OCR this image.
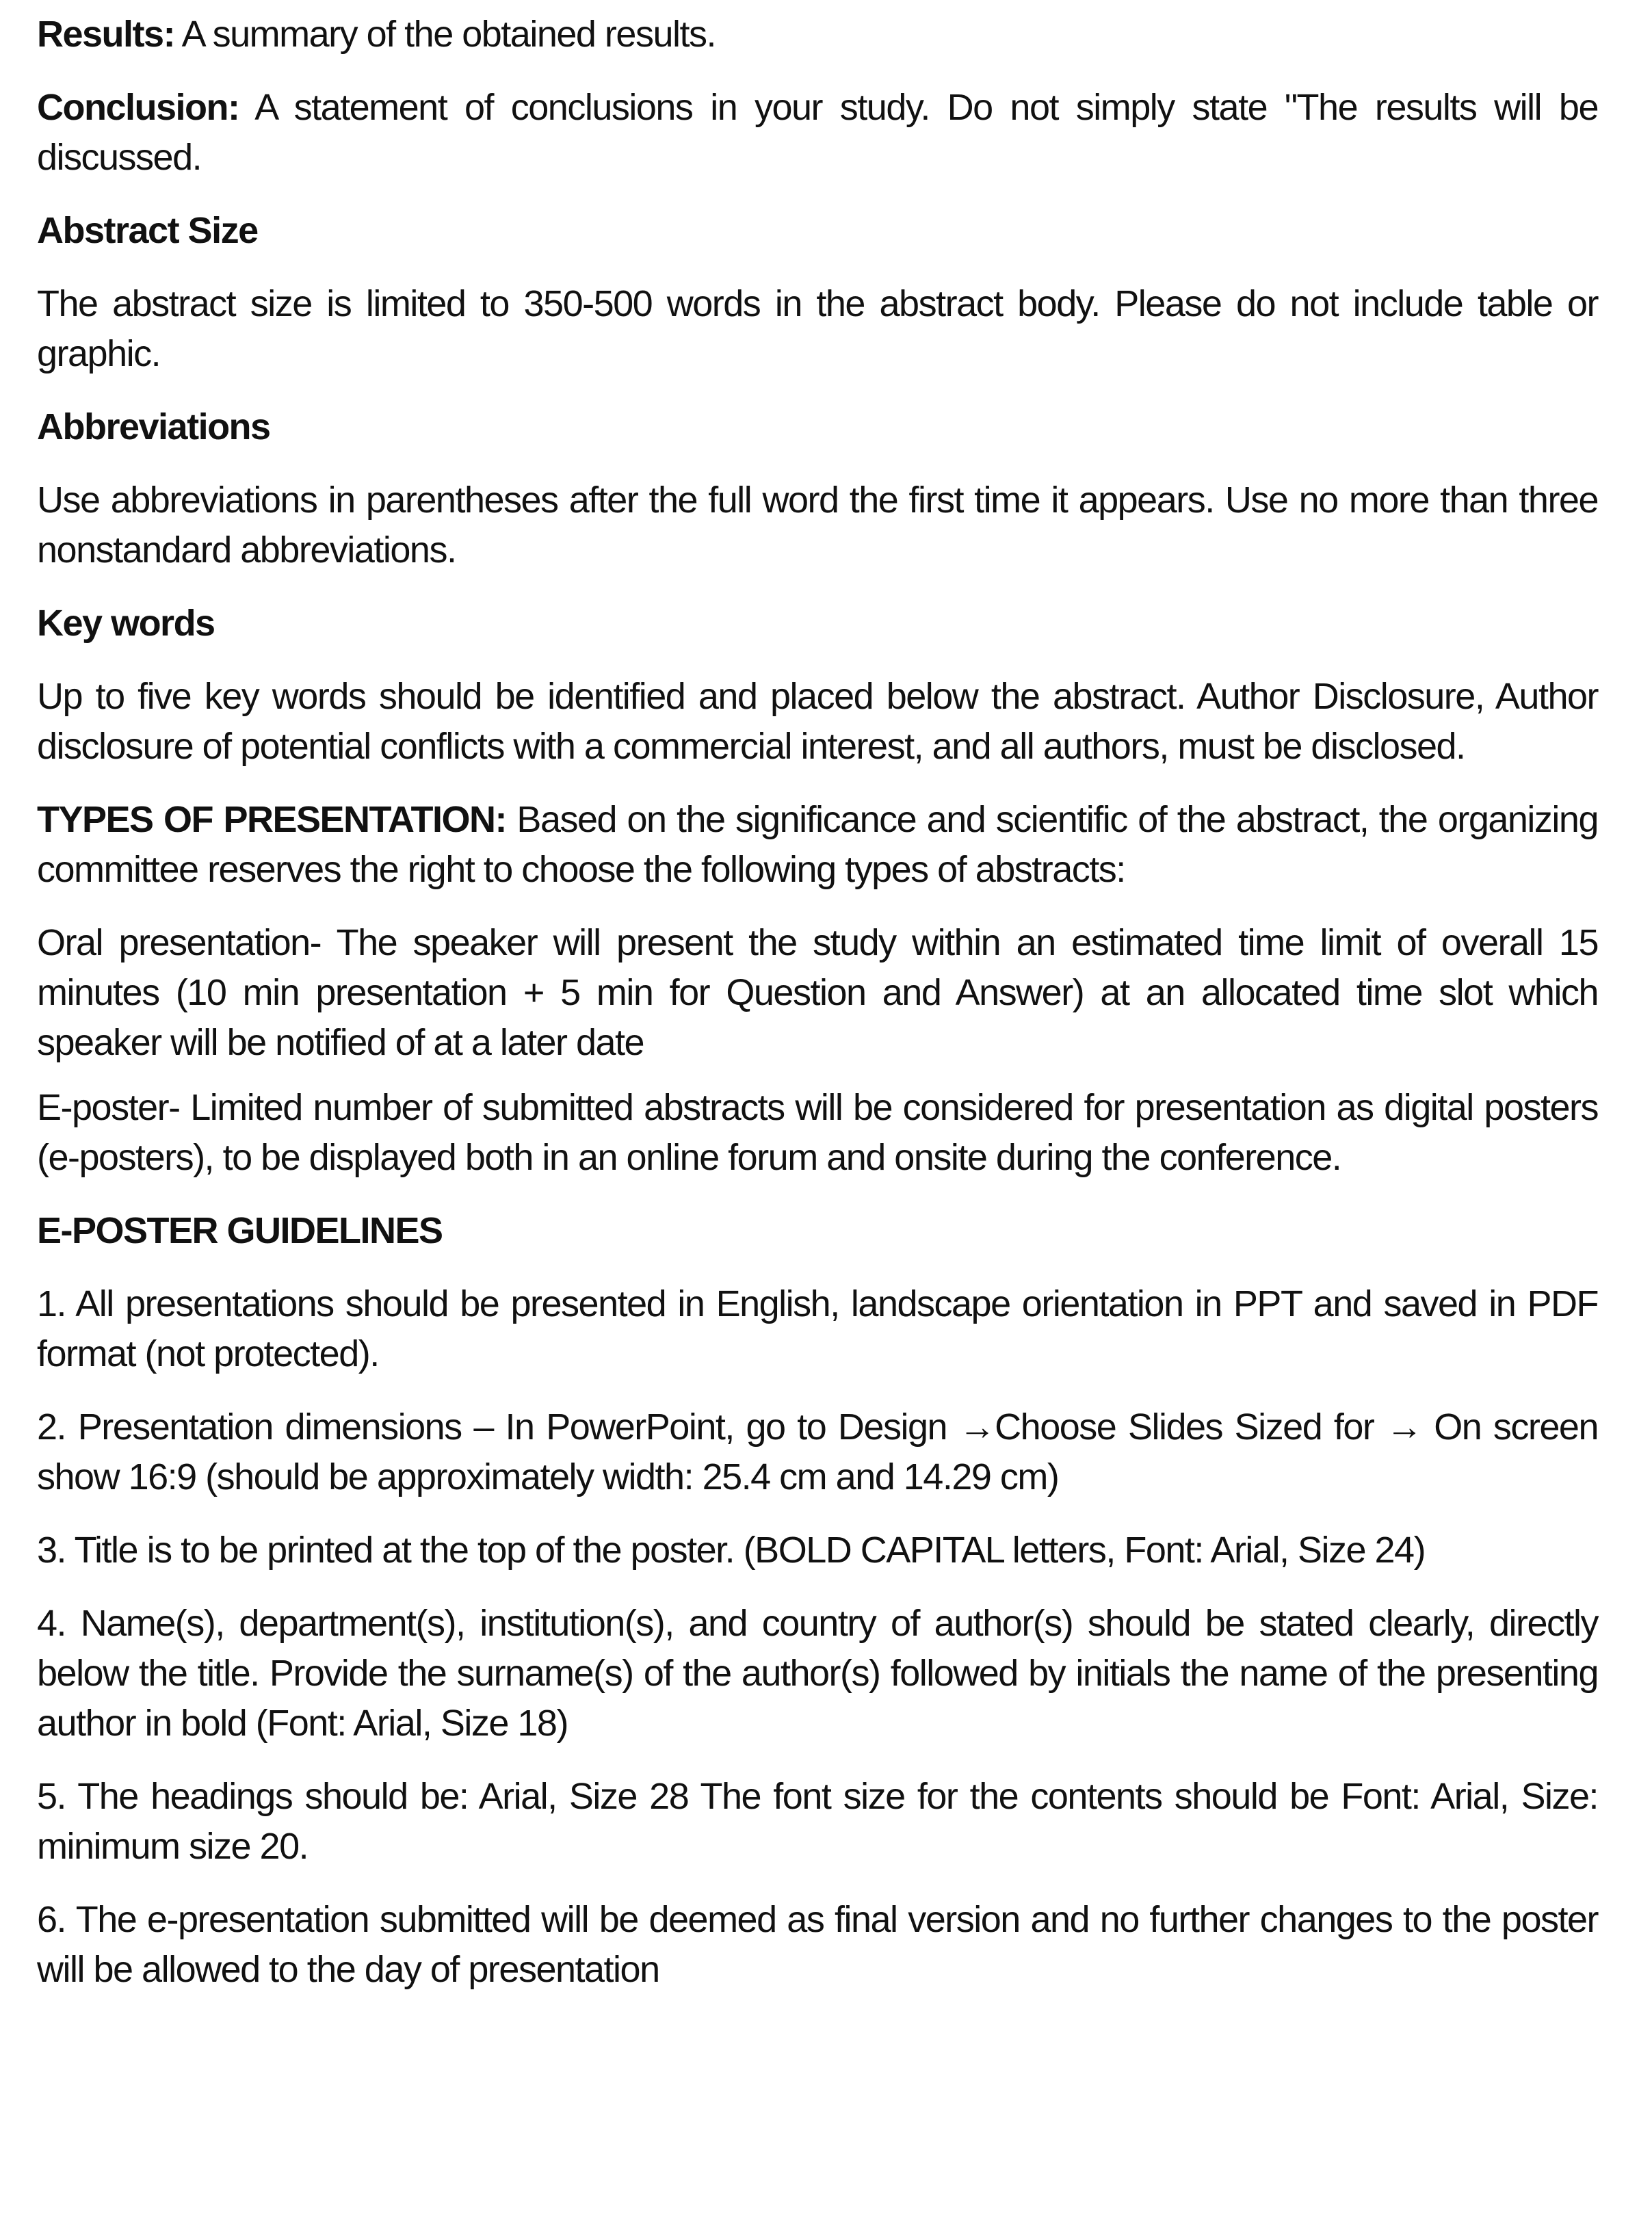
Results: A summary of the obtained results.

Conclusion: A statement of conclusions in your study. Do not simply state "The results will be discussed.

Abstract Size

The abstract size is limited to 350-500 words in the abstract body. Please do not include table or graphic.

Abbreviations

Use abbreviations in parentheses after the full word the first time it appears. Use no more than three nonstandard abbreviations.

Key words

Up to five key words should be identified and placed below the abstract. Author Disclosure, Author disclosure of potential conflicts with a commercial interest, and all authors, must be disclosed.

TYPES OF PRESENTATION: Based on the significance and scientific of the abstract, the organizing committee reserves the right to choose the following types of abstracts:

Oral presentation- The speaker will present the study within an estimated time limit of overall 15 minutes (10 min presentation + 5 min for Question and Answer) at an allocated time slot which speaker will be notified of at a later date

E-poster- Limited number of submitted abstracts will be considered for presentation as digital posters (e-posters), to be displayed both in an online forum and onsite during the conference.

E-POSTER GUIDELINES

1. All presentations should be presented in English, landscape orientation in PPT and saved in PDF format (not protected).

2. Presentation dimensions – In PowerPoint, go to Design →Choose Slides Sized for → On screen show 16:9 (should be approximately width: 25.4 cm and 14.29 cm)

3. Title is to be printed at the top of the poster. (BOLD CAPITAL letters, Font: Arial, Size 24)

4. Name(s), department(s), institution(s), and country of author(s) should be stated clearly, directly below the title. Provide the surname(s) of the author(s) followed by initials the name of the presenting author in bold (Font: Arial, Size 18)

5. The headings should be: Arial, Size 28 The font size for the contents should be Font: Arial, Size: minimum size 20.

6. The e-presentation submitted will be deemed as final version and no further changes to the poster will be allowed to the day of presentation
